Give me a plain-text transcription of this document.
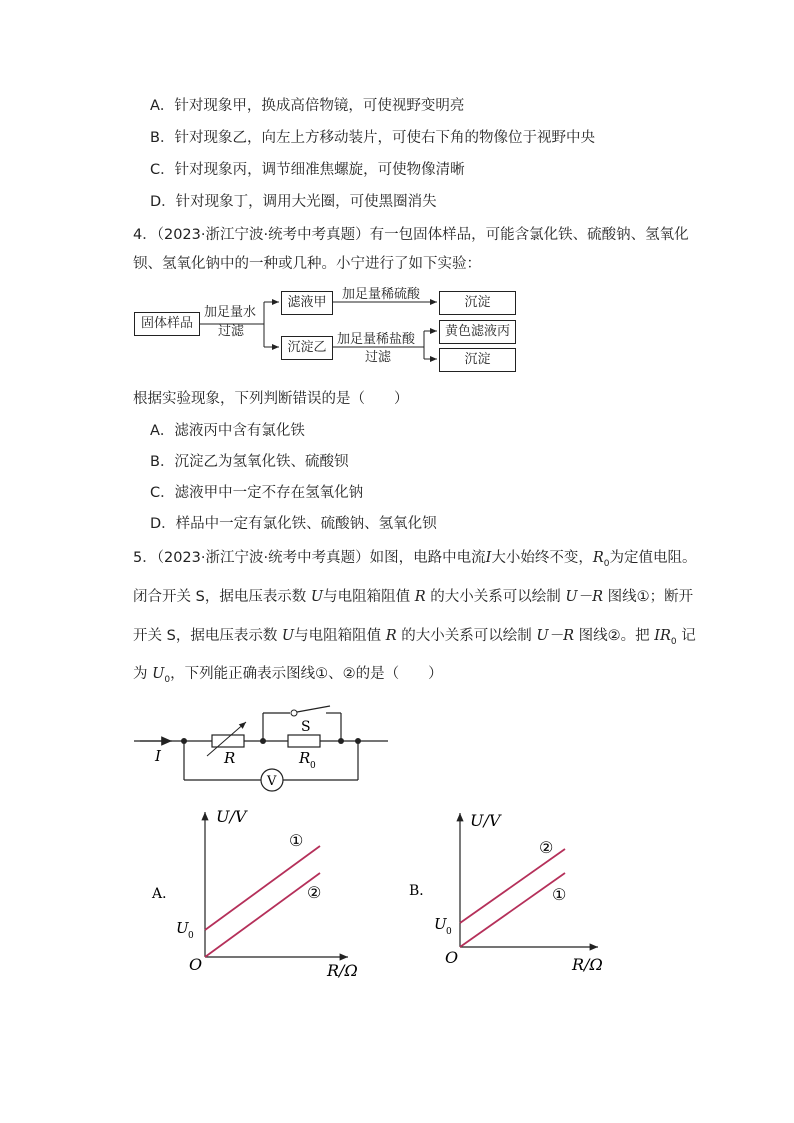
A．针对现象甲，换成高倍物镜，可使视野变明亮
B．针对现象乙，向左上方移动装片，可使右下角的物像位于视野中央
C．针对现象丙，调节细准焦螺旋，可使物像清晰
D．针对现象丁，调用大光圈，可使黑圈消失
4．（2023·浙江宁波·统考中考真题）有一包固体样品，可能含氯化铁、硫酸钠、氢氧化
钡、氢氧化钠中的一种或几种。小宁进行了如下实验：
固体样品
滤液甲
沉淀乙
沉淀
黄色滤液丙
沉淀
加足量水
过滤
加足量稀硫酸
加足量稀盐酸
过滤
根据实验现象，下列判断错误的是（　　）
A．滤液丙中含有氯化铁
B．沉淀乙为氢氧化铁、硫酸钡
C．滤液甲中一定不存在氢氧化钠
D．样品中一定有氯化铁、硫酸钠、氢氧化钡
5．（2023·浙江宁波·统考中考真题）如图，电路中电流I大小始终不变，$R_0$为定值电阻。
闭合开关 S，据电压表示数 U与电阻箱阻值 R 的大小关系可以绘制 U－R 图线①；断开
开关 S，据电压表示数 U与电阻箱阻值 R 的大小关系可以绘制 U－R 图线②。把 $IR_0$ 记
为 $U_0$，下列能正确表示图线①、②的是（　　）
I	R	R 0
S
V
A．
U/V
R/Ω
O
U 0
①
②	B．
U/V
R/Ω
O
U 0
②
①
